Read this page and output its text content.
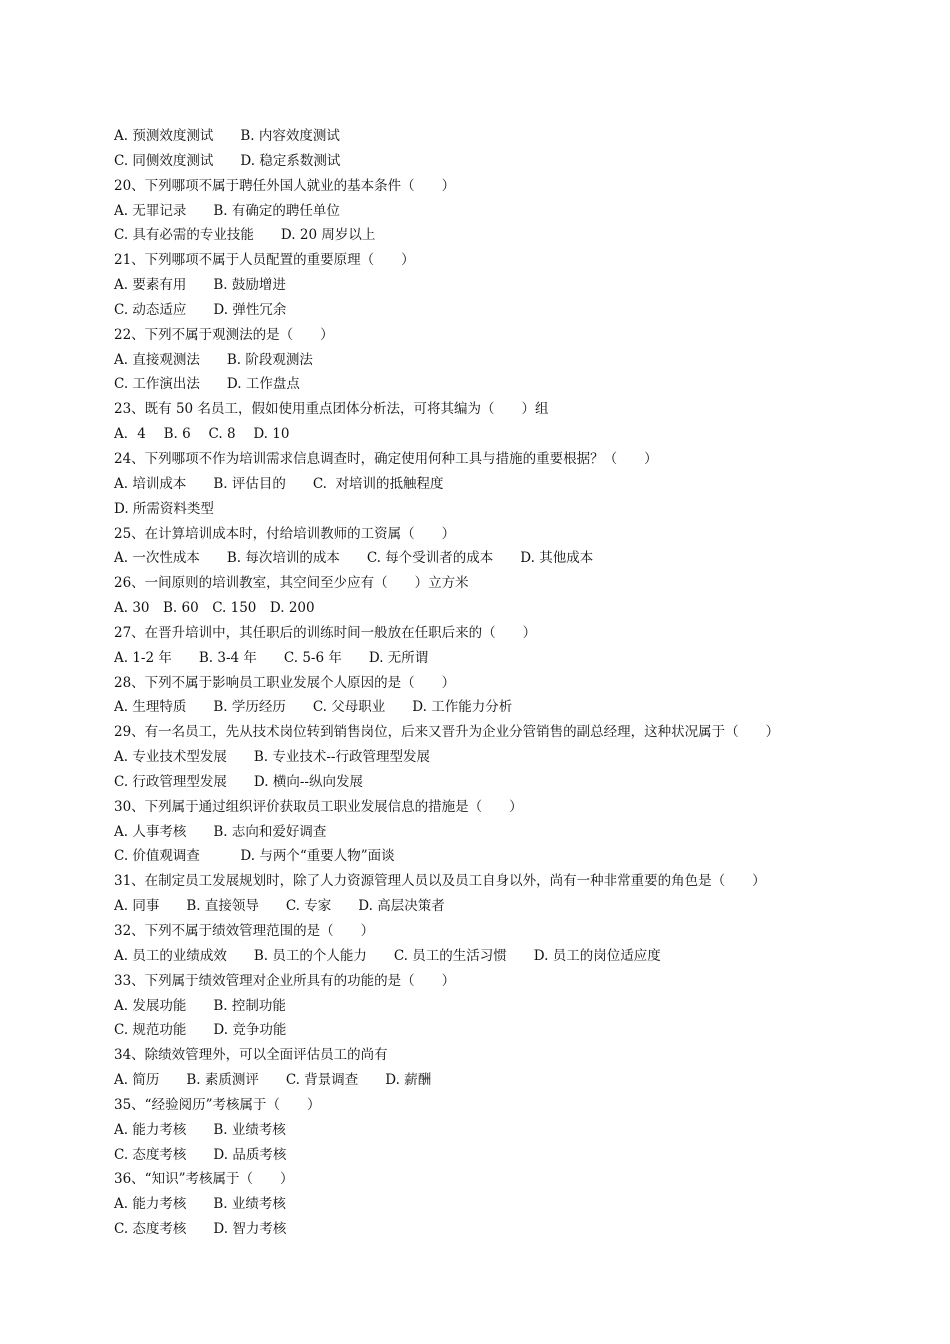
A. 预测效度测试　　B. 内容效度测试
C. 同侧效度测试　　D. 稳定系数测试
20、下列哪项不属于聘任外国人就业的基本条件（　　）
A. 无罪记录　　B. 有确定的聘任单位
C. 具有必需的专业技能　　D. 20 周岁以上
21、下列哪项不属于人员配置的重要原理（　　）
A. 要素有用　　B. 鼓励增进
C. 动态适应　　D. 弹性冗余
22、下列不属于观测法的是（　　）
A. 直接观测法　　B. 阶段观测法
C. 工作演出法　　D. 工作盘点
23、既有 50 名员工，假如使用重点团体分析法，可将其编为（　　）组
A．4　 B. 6　 C. 8　 D. 10
24、下列哪项不作为培训需求信息调查时，确定使用何种工具与措施的重要根据？（　　）
A. 培训成本　　B. 评估目的　　C.  对培训的抵触程度
D. 所需资料类型
25、在计算培训成本时，付给培训教师的工资属（　　）
A. 一次性成本　　B. 每次培训的成本　　C. 每个受训者的成本　　D. 其他成本
26、一间原则的培训教室，其空间至少应有（　　）立方米
A. 30　B. 60　C. 150　D. 200
27、在晋升培训中，其任职后的训练时间一般放在任职后来的（　　）
A. 1-2 年　　B. 3-4 年　　C. 5-6 年　　D. 无所谓
28、下列不属于影响员工职业发展个人原因的是（　　）
A. 生理特质　　B. 学历经历　　C. 父母职业　　D. 工作能力分析
29、有一名员工，先从技术岗位转到销售岗位，后来又晋升为企业分管销售的副总经理，这种状况属于（　　）
A. 专业技术型发展　　B. 专业技术--行政管理型发展
C. 行政管理型发展　　D. 横向--纵向发展
30、下列属于通过组织评价获取员工职业发展信息的措施是（　　）
A. 人事考核　　B. 志向和爱好调查
C. 价值观调查　　　D. 与两个“重要人物”面谈
31、在制定员工发展规划时，除了人力资源管理人员以及员工自身以外，尚有一种非常重要的角色是（　　）
A. 同事　　B. 直接领导　　C. 专家　　D. 高层决策者
32、下列不属于绩效管理范围的是（　　）
A. 员工的业绩成效　　B. 员工的个人能力　　C. 员工的生活习惯　　D. 员工的岗位适应度
33、下列属于绩效管理对企业所具有的功能的是（　　）
A. 发展功能　　B. 控制功能
C. 规范功能　　D. 竞争功能
34、除绩效管理外，可以全面评估员工的尚有
A. 简历　　B. 素质测评　　C. 背景调查　　D. 薪酬
35、“经验阅历”考核属于（　　）
A. 能力考核　　B. 业绩考核
C. 态度考核　　D. 品质考核
36、“知识”考核属于（　　）
A. 能力考核　　B. 业绩考核
C. 态度考核　　D. 智力考核
